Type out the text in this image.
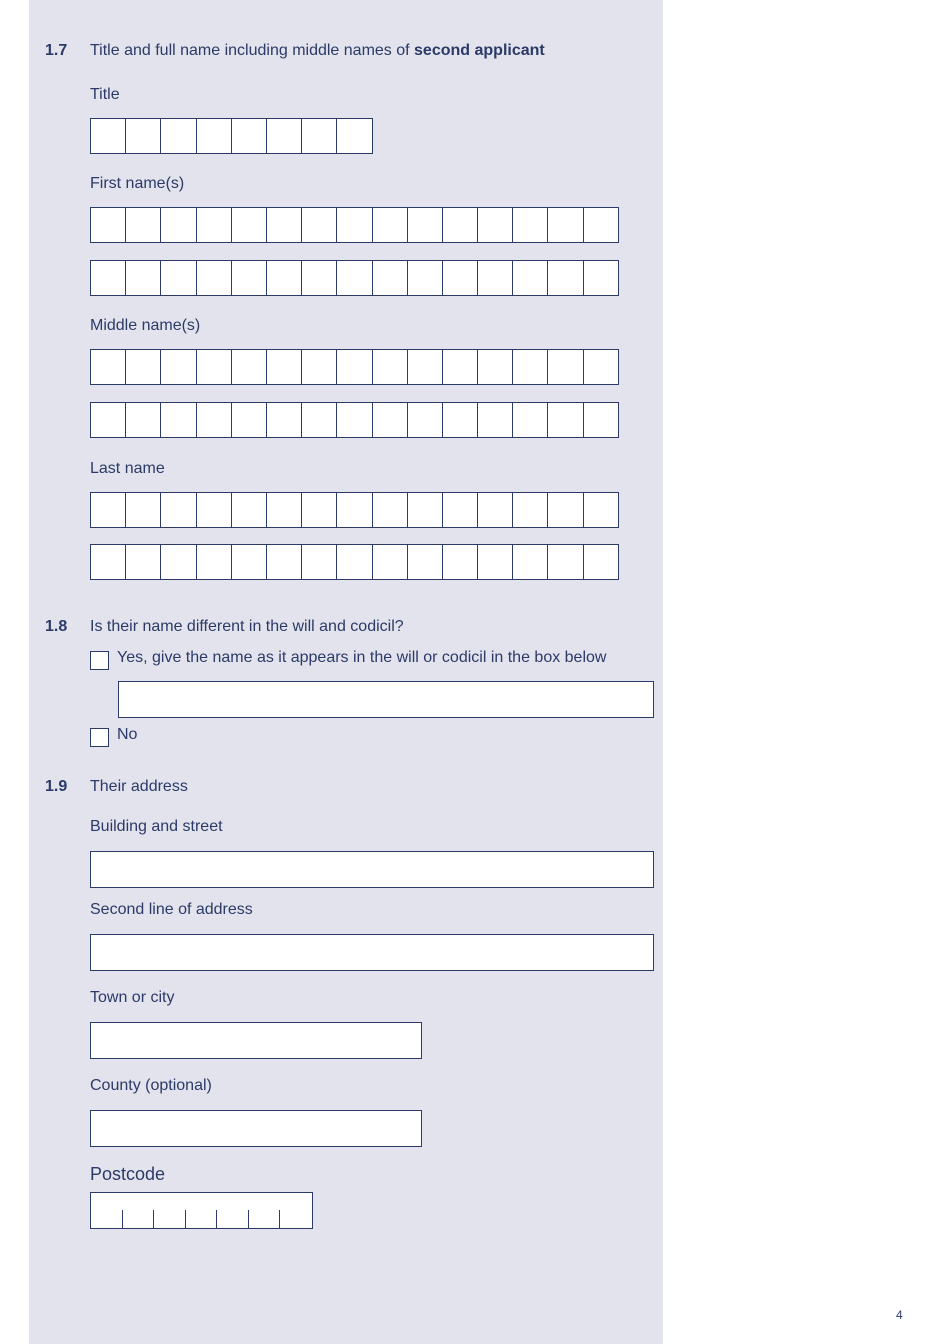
1.7 Title and full name including middle names of second applicant
Title
First name(s)
Middle name(s)
Last name
1.8 Is their name different in the will and codicil?
Yes, give the name as it appears in the will or codicil in the box below
No
1.9 Their address
Building and street
Second line of address
Town or city
County (optional)
Postcode
4
